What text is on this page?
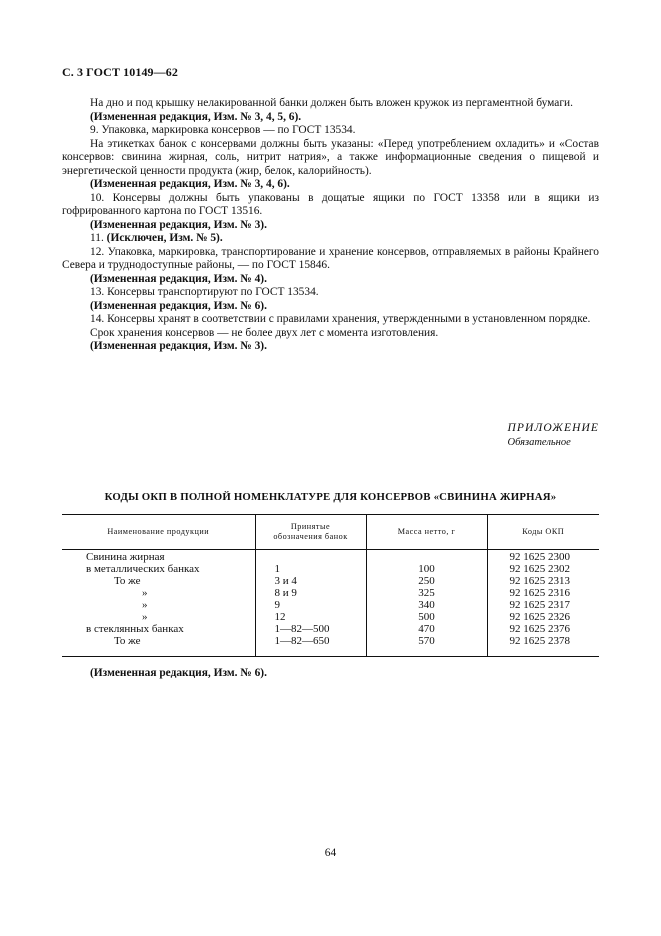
С. 3 ГОСТ 10149—62

На дно и под крышку нелакированной банки должен быть вложен кружок из пергаментной бумаги.

(Измененная редакция, Изм. № 3, 4, 5, 6).

9. Упаковка, маркировка консервов — по ГОСТ 13534.

На этикетках банок с консервами должны быть указаны: «Перед употреблением охладить» и «Состав консервов: свинина жирная, соль, нитрит натрия», а также информационные сведения о пищевой и энергетической ценности продукта (жир, белок, калорийность).

(Измененная редакция, Изм. № 3, 4, 6).

10. Консервы должны быть упакованы в дощатые ящики по ГОСТ 13358 или в ящики из гофрированного картона по ГОСТ 13516.

(Измененная редакция, Изм. № 3).

11. (Исключен, Изм. № 5).

12. Упаковка, маркировка, транспортирование и хранение консервов, отправляемых в районы Крайнего Севера и труднодоступные районы, — по ГОСТ 15846.

(Измененная редакция, Изм. № 4).

13. Консервы транспортируют по ГОСТ 13534.

(Измененная редакция, Изм. № 6).

14. Консервы хранят в соответствии с правилами хранения, утвержденными в установленном порядке.

Срок хранения консервов — не более двух лет с момента изготовления.

(Измененная редакция, Изм. № 3).

ПРИЛОЖЕНИЕ
Обязательное
КОДЫ ОКП В ПОЛНОЙ НОМЕНКЛАТУРЕ ДЛЯ КОНСЕРВОВ «СВИНИНА ЖИРНАЯ»
Наименование продукции	Принятые обозначения банок	Масса нетто, г	Коды ОКП
Свинина жирная			92 1625 2300
в металлических банках	1	100	92 1625 2302
То же	3 и 4	250	92 1625 2313
»	8 и 9	325	92 1625 2316
»	9	340	92 1625 2317
»	12	500	92 1625 2326
в стеклянных банках	1—82—500	470	92 1625 2376
То же	1—82—650	570	92 1625 2378
(Измененная редакция, Изм. № 6).
64
